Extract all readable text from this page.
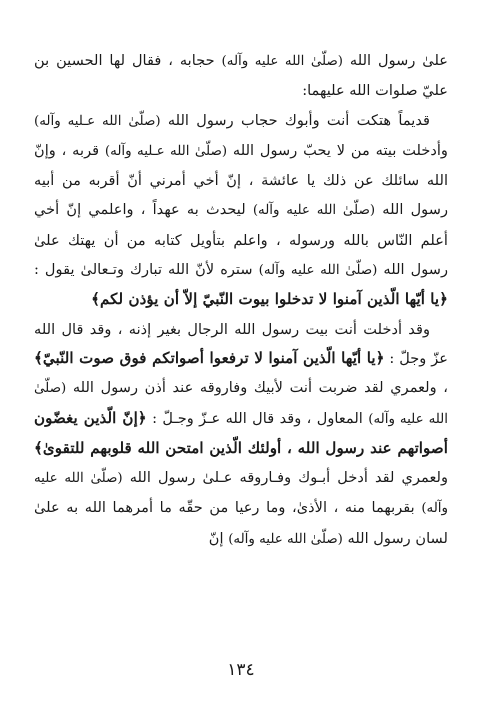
علىٰ رسول الله (صلّىٰ الله عليه وآله) حجابه ، فقال لها الحسين بن عليّ صلوات الله عليهما:

قديماً هتكت أنت وأبوك حجاب رسول الله (صلّىٰ الله عـليه وآله) وأدخلت بيته من لا يحبّ رسول الله (صلّىٰ الله عـليه وآله) قربه ، وإنّ الله سائلك عن ذلك يا عائشة ، إنّ أخي أمرني أنّ أقربه من أبيه رسول الله (صلّىٰ الله عليه وآله) ليحدث به عهداً ، واعلمي إنّ أخي أعلم النّاس بالله ورسوله ، واعلم بتأويل كتابه من أن يهتك علىٰ رسول الله (صلّىٰ الله عليه وآله) ستره لأنّ الله تبارك وتـعالىٰ يقول : ﴿يا أيّها الّذين آمنوا لا تدخلوا بيوت النّبيّ إلاّ أن يؤذن لكم﴾

وقد أدخلت أنت بيت رسول الله الرجال بغير إذنه ، وقد قال الله عزّ وجلّ : ﴿يا أيّها الّذين آمنوا لا ترفعوا أصواتكم فوق صوت النّبيّ﴾ ، ولعمري لقد ضربت أنت لأبيك وفاروقه عند أذن رسول الله (صلّىٰ الله عليه وآله) المعاول ، وقد قال الله عـزّ وجـلّ : ﴿إنّ الّذين يغضّون أصواتهم عند رسول الله ، أولئك الّذين امتحن الله قلوبهم للتقوىٰ﴾ ولعمري لقد أدخل أبـوك وفـاروقه عـلىٰ رسول الله (صلّىٰ الله عليه وآله) بقربهما منه ، الأذىٰ، وما رعيا من حقّه ما أمرهما الله به علىٰ لسان رسول الله (صلّىٰ الله عليه وآله) إنّ

١٣٤
